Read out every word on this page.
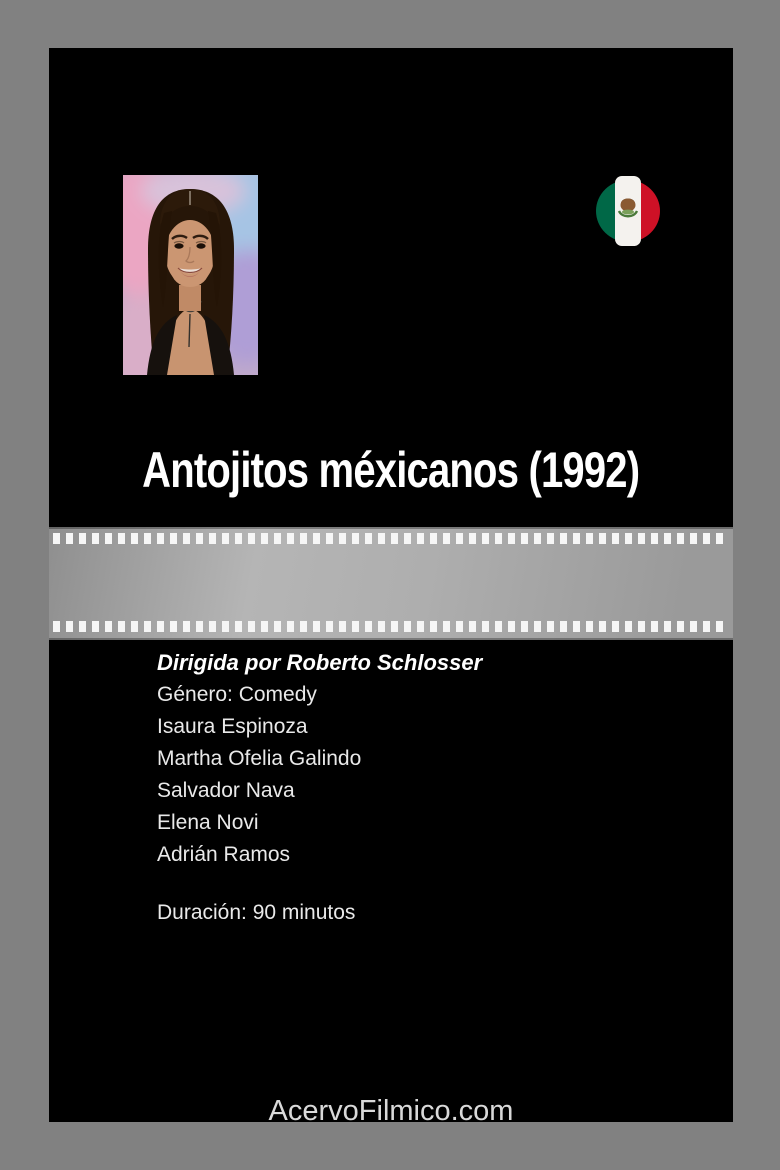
Antojitos méxicanos (1992)
Dirigida por Roberto Schlosser
Género: Comedy
Isaura Espinoza
Martha Ofelia Galindo
Salvador Nava
Elena Novi
Adrián Ramos
Duración: 90 minutos
AcervoFilmico.com
